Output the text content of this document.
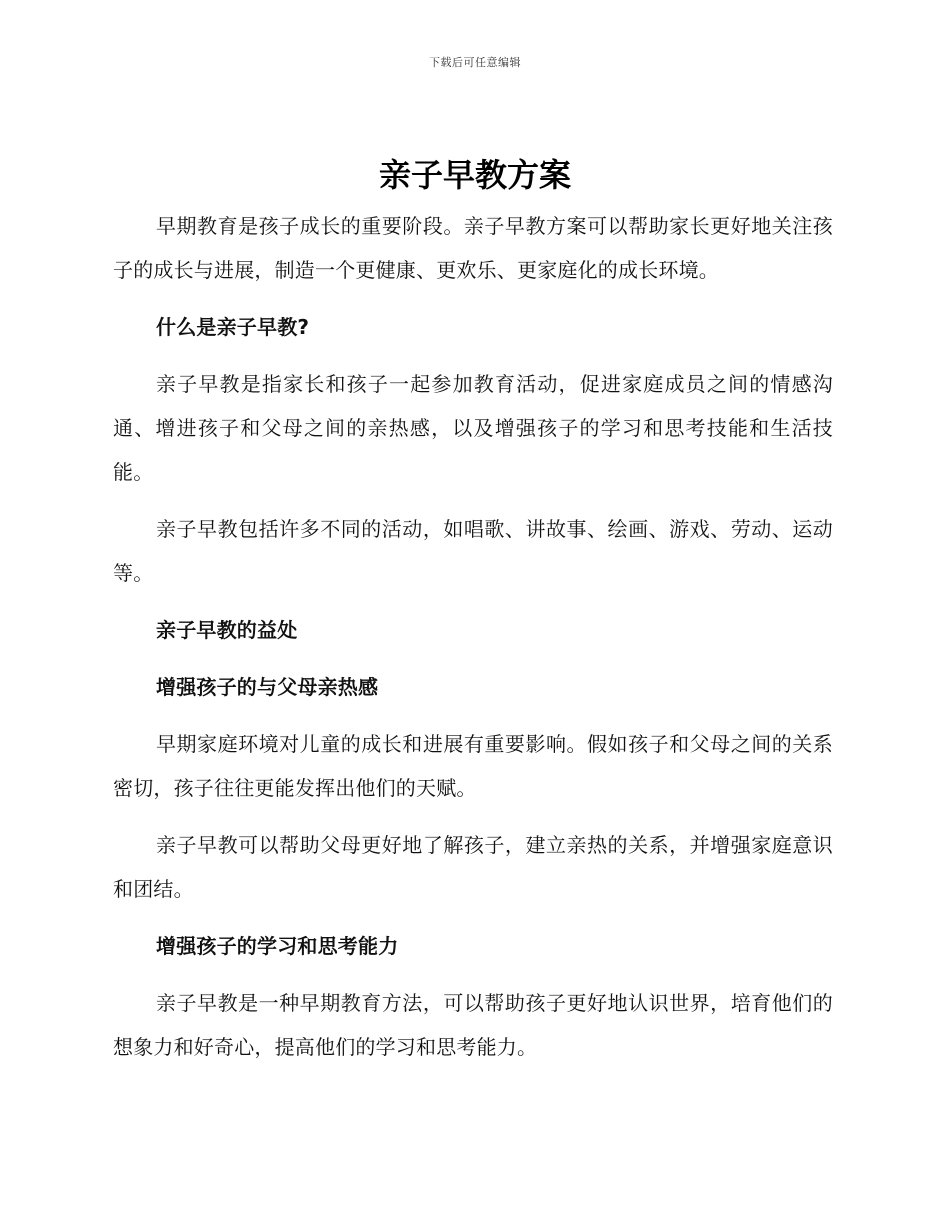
下载后可任意编辑
亲子早教方案

早期教育是孩子成长的重要阶段。亲子早教方案可以帮助家长更好地关注孩子的成长与进展，制造一个更健康、更欢乐、更家庭化的成长环境。

什么是亲子早教?

亲子早教是指家长和孩子一起参加教育活动，促进家庭成员之间的情感沟通、增进孩子和父母之间的亲热感，以及增强孩子的学习和思考技能和生活技能。

亲子早教包括许多不同的活动，如唱歌、讲故事、绘画、游戏、劳动、运动等。

亲子早教的益处

增强孩子的与父母亲热感

早期家庭环境对儿童的成长和进展有重要影响。假如孩子和父母之间的关系密切，孩子往往更能发挥出他们的天赋。

亲子早教可以帮助父母更好地了解孩子，建立亲热的关系，并增强家庭意识和团结。

增强孩子的学习和思考能力

亲子早教是一种早期教育方法，可以帮助孩子更好地认识世界，培育他们的想象力和好奇心，提高他们的学习和思考能力。
